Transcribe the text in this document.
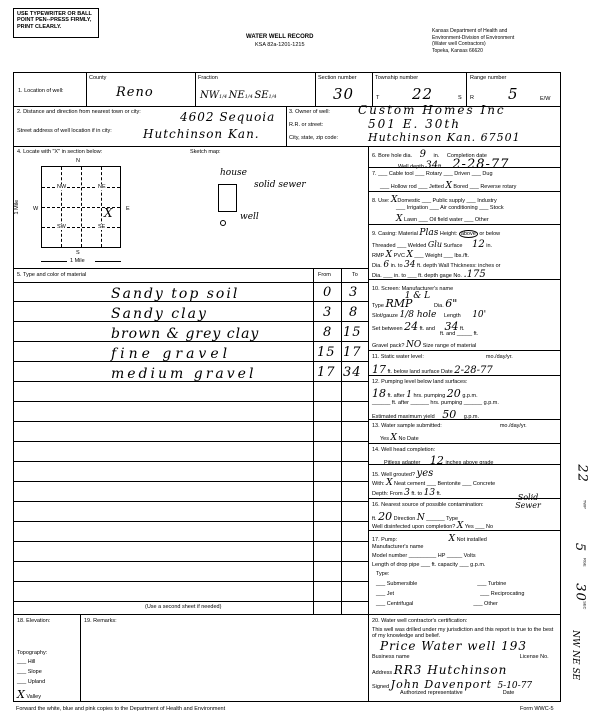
USE TYPEWRITER OR BALL POINT PEN--PRESS FIRMLY, PRINT CLEARLY.
WATER WELL RECORD
KSA 82a-1201-1215
Kansas Department of Health and
Environment-Division of Environment
(Water well Contractors)
Topeka, Kansas 66620
1. Location of well:
County
Reno
Fraction
NW1/4 NE1/4 SE1/4
Section number
30
Township number
T 22	S
Range number
R 5	E/W
2. Distance and direction from nearest town or city:
Street address of well location if in city:
4602 Sequoia
Hutchinson Kan.
3. Owner of well:
R.R. or street:
City, state, zip code:
Custom Homes Inc
501 E. 30th
Hutchinson Kan. 67501
4. Locate with "X" in section below:	Sketch map:
N
S
W	E
1 Mile
NW	NE
SW	SE
X
1 Mile
house
solid sewer
well
5. Type and color of material	From	To
Sandy top soil	0 3
Sandy clay	3 8
brown & grey clay	8 15
fine gravel	15 17
medium gravel	17 34
(Use a second sheet if needed)
6. Bore hole dia. 9 in. Completion date
Well depth 34ft. 2-28-77
7. ___ Cable tool ___ Rotary ___ Driven ___ Dug
___ Hollow rod ___ Jetted X Bored ___ Reverse rotary
8. Use: XDomestic ___ Public supply ___ Industry
___ Irrigation ___ Air conditioning ___ Stock
X Lawn ___ Oil field water ___ Other
9. Casing: Material Plas Height: above or below
Threaded ___ Welded Glu Surface 12 in.
RMP X PVC X ___ Weight ___ lbs./ft.
Dia. 6 in. to 34 ft. depth Wall Thickness: inches or
Dia. ___ in. to ___ ft. depth gage No. .175
10. Screen: Manufacturer's name 1 & L
Type RMP	Dia. 6"
Slot/gauze 1/8 hole Length 10'
Set between 24 ft. and 34 ft.
ft. and _____ ft.
Gravel pack? NO Size range of material
11. Static water level:	mo./day/yr.
17 ft. below land surface Date 2-28-77
12. Pumping level below land surfaces:
18 ft. after 1 hrs. pumping 20 g.p.m.
______ ft. after ______ hrs. pumping ______ g.p.m.
Estimated maximum yield 50 g.p.m.
13. Water sample submitted:	mo./day/yr.
Yes X No Date
14. Well head completion:
Pitless adapter 12 inches above grade
15. Well grouted? yes
With: X Neat cement ___ Bentonite ___ Concrete
Depth: From 3 ft. to 13 ft.
16. Nearest source of possible contamination:
Solid Sewer
ft. 20 Direction N ______ Type
Well disinfected upon completion? X Yes ___ No
17. Pump:	X Not installed
Manufacturer's name
Model number _________ HP _____ Volts
Length of drop pipe ___ ft. capacity ___ g.p.m.
Type:
___ Submersible	___ Turbine
___ Jet	___ Reciprocating
___ Centrifugal	___ Other
18. Elevation:
Topography:
___ Hill
___ Slope
___ Upland
X Valley
19. Remarks:	20. Water well contractor's certification:
This well was drilled under my jurisdiction and this report is true to the best of my knowledge and belief.
Price Water well 193
Business name	License No.
Address RR3 Hutchinson
Signed John Davenport 5-10-77
Authorized representative	Date
Forward the white, blue and pink copies to the Department of Health and Environment	Form WWC-5
22
TWP
5
RGE
30
SEC
NW NE SE
